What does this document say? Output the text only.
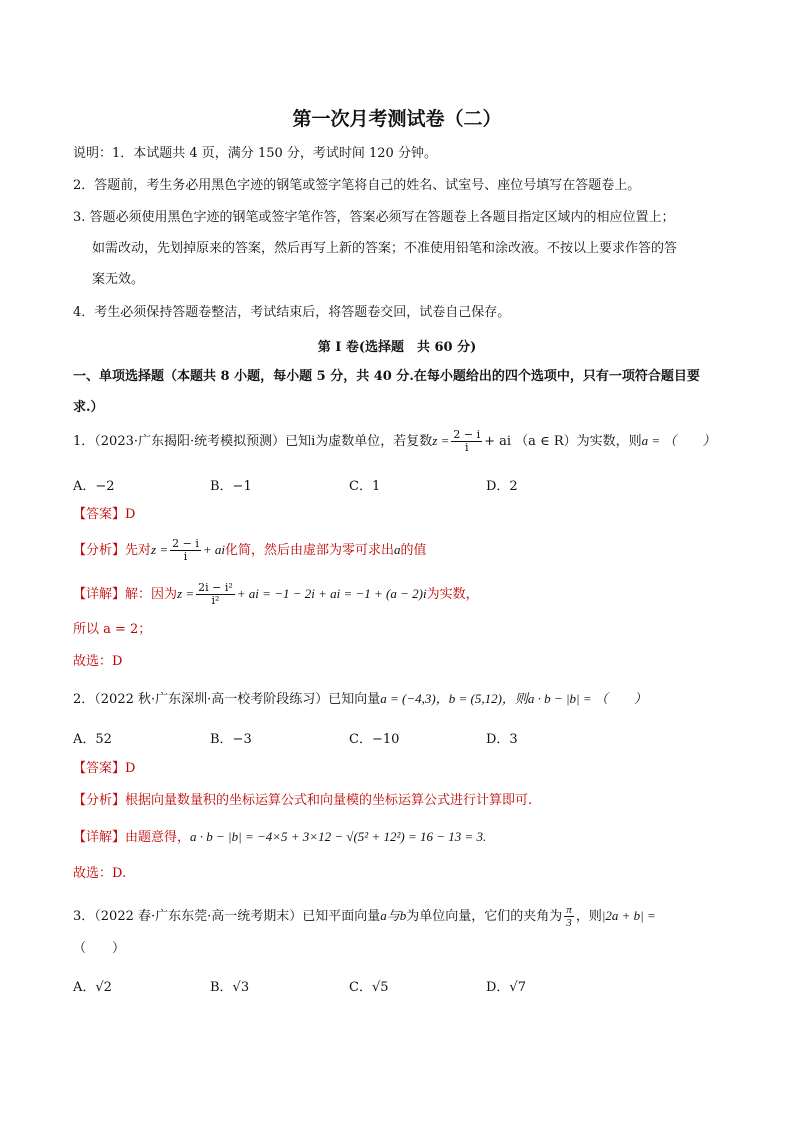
第一次月考测试卷（二）
说明：1．本试题共 4 页，满分 150 分，考试时间 120 分钟。
2．答题前，考生务必用黑色字迹的钢笔或签字笔将自己的姓名、试室号、座位号填写在答题卷上。
3. 答题必须使用黑色字迹的钢笔或签字笔作答，答案必须写在答题卷上各题目指定区域内的相应位置上；
如需改动，先划掉原来的答案，然后再写上新的答案；不准使用铅笔和涂改液。不按以上要求作答的答
案无效。
4．考生必须保持答题卷整洁，考试结束后，将答题卷交回，试卷自己保存。
第 I 卷(选择题　共 60 分)
一、单项选择题（本题共 8 小题，每小题 5 分，共 40 分.在每小题给出的四个选项中，只有一项符合题目要
求.）
1．（2023·广东揭阳·统考模拟预测）已知i为虚数单位，若复数$z = \frac{2 - i}{i}$ + ai （a ∈ R）为实数，则a = （　　）
A．−2	B．−1	C．1	D．2
【答案】D
【分析】先对$z = \frac{2 - i}{i}$ + ai化简，然后由虚部为零可求出a的值
【详解】解：因为$z = \frac{\text{2i − i²}}{\text{i²}}$ + ai = −1 − 2i + ai = −1 + (a − 2)i为实数，
所以 a = 2；
故选：D
2．（2022 秋·广东深圳·高一校考阶段练习）已知向量a = (−4,3)，b = (5,12)，则a · b − |b| = （　　）
A．52	B．−3	C．−10	D．3
【答案】D
【分析】根据向量数量积的坐标运算公式和向量模的坐标运算公式进行计算即可.
【详解】由题意得，a · b − |b| = −4×5 + 3×12 − √(5² + 12²) = 16 − 13 = 3.
故选：D.
3．（2022 春·广东东莞·高一统考期末）已知平面向量a与b为单位向量，它们的夹角为 $\frac{\pi}{3}$ ，则|2a + b| =
（　　）
A．√2	B．√3	C．√5	D．√7
